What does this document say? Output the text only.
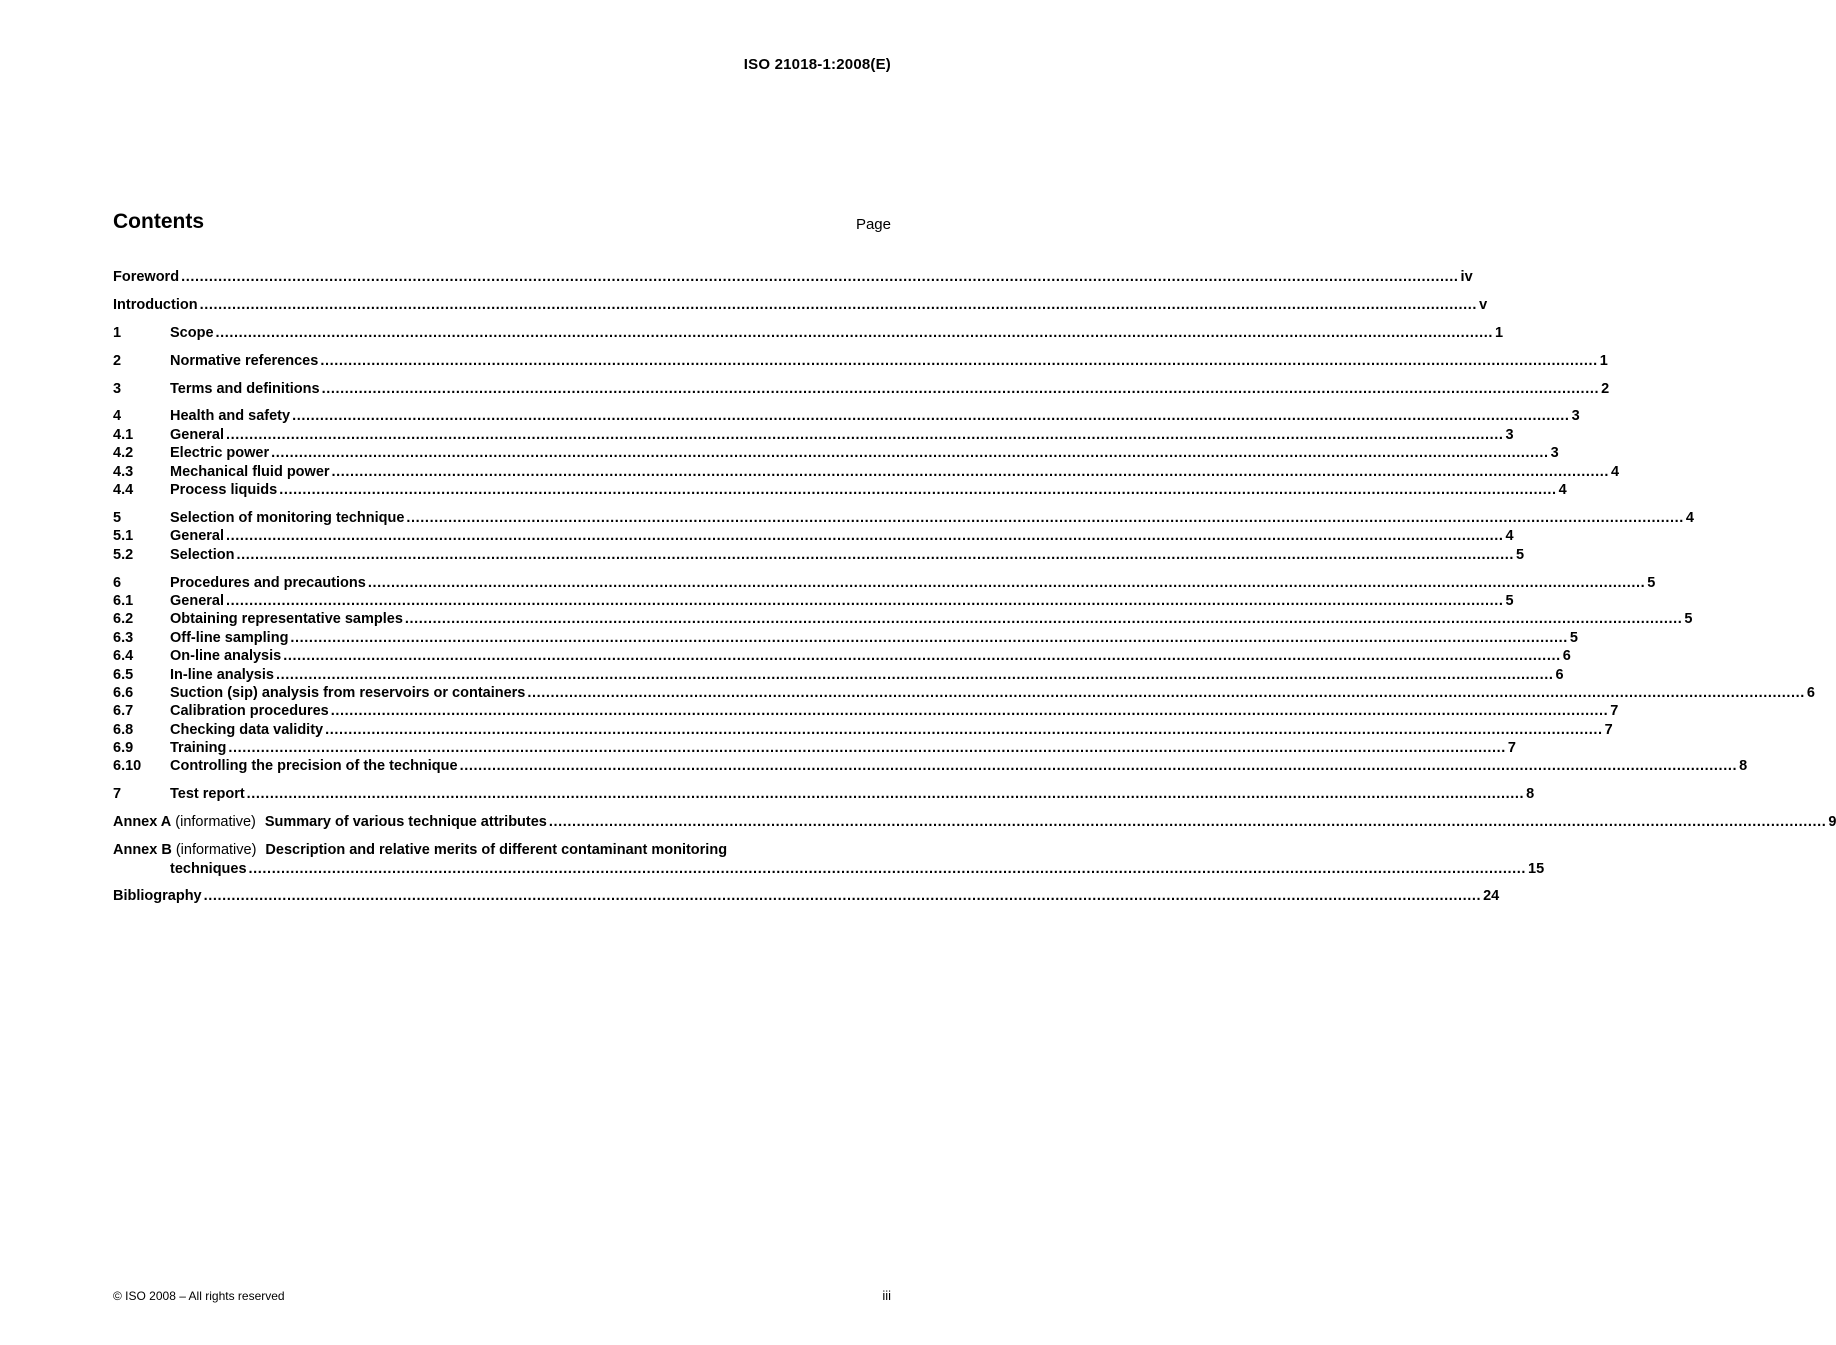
ISO 21018-1:2008(E)
Contents	Page
Foreword .....	iv
Introduction .....	v
1	Scope .....	1
2	Normative references .....	1
3	Terms and definitions .....	2
4	Health and safety .....	3
4.1	General .....	3
4.2	Electric power .....	3
4.3	Mechanical fluid power .....	4
4.4	Process liquids .....	4
5	Selection of monitoring technique .....	4
5.1	General .....	4
5.2	Selection .....	5
6	Procedures and precautions .....	5
6.1	General .....	5
6.2	Obtaining representative samples .....	5
6.3	Off-line sampling .....	5
6.4	On-line analysis .....	6
6.5	In-line analysis .....	6
6.6	Suction (sip) analysis from reservoirs or containers .....	6
6.7	Calibration procedures .....	7
6.8	Checking data validity .....	7
6.9	Training .....	7
6.10	Controlling the precision of the technique .....	8
7	Test report .....	8
Annex A (informative) Summary of various technique attributes .....	9
Annex B (informative) Description and relative merits of different contaminant monitoring
techniques .....	15
Bibliography .....	24
© ISO 2008 – All rights reserved	iii
